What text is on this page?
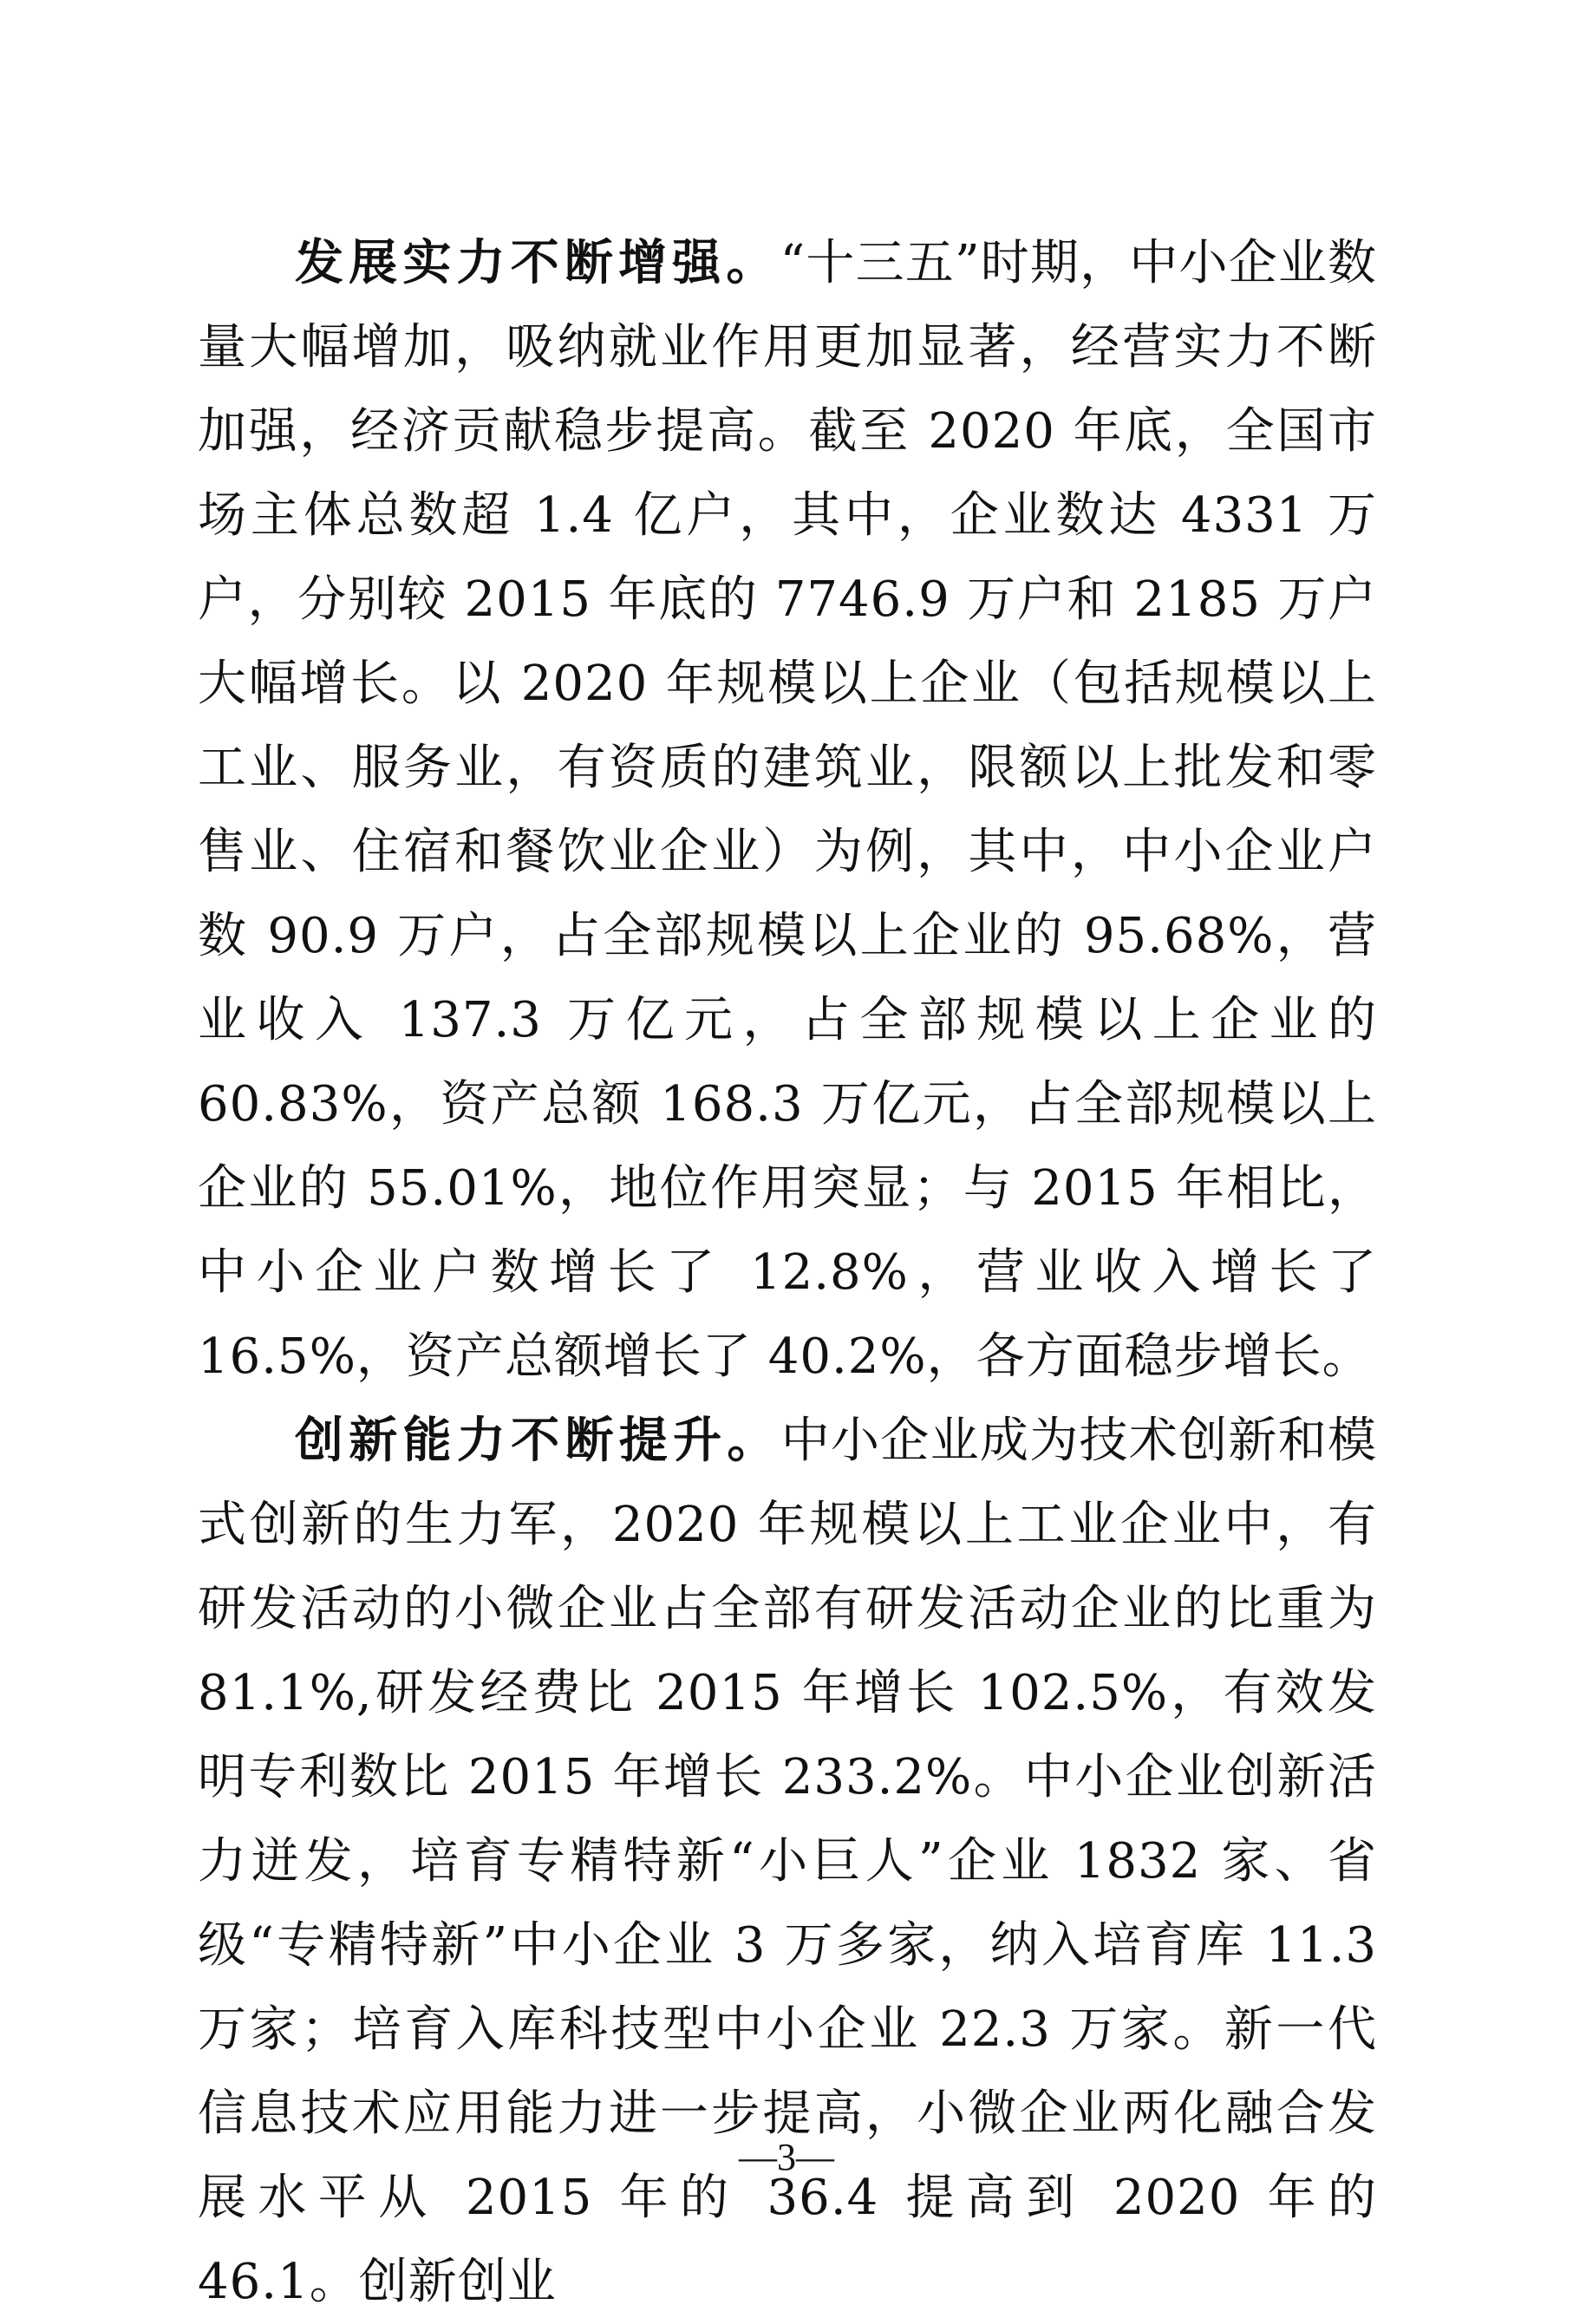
发展实力不断增强。“十三五”时期，中小企业数量大幅增加，吸纳就业作用更加显著，经营实力不断加强，经济贡献稳步提高。截至 2020 年底，全国市场主体总数超 1.4 亿户，其中，企业数达 4331 万户，分别较 2015 年底的 7746.9 万户和 2185 万户大幅增长。以 2020 年规模以上企业（包括规模以上工业、服务业，有资质的建筑业，限额以上批发和零售业、住宿和餐饮业企业）为例，其中，中小企业户数 90.9 万户，占全部规模以上企业的 95.68%，营业收入 137.3 万亿元，占全部规模以上企业的 60.83%，资产总额 168.3 万亿元，占全部规模以上企业的 55.01%，地位作用突显；与 2015 年相比，中小企业户数增长了 12.8%，营业收入增长了 16.5%，资产总额增长了 40.2%，各方面稳步增长。

创新能力不断提升。中小企业成为技术创新和模式创新的生力军，2020 年规模以上工业企业中，有研发活动的小微企业占全部有研发活动企业的比重为 81.1%,研发经费比 2015 年增长 102.5%，有效发明专利数比 2015 年增长 233.2%。中小企业创新活力迸发，培育专精特新“小巨人”企业 1832 家、省级“专精特新”中小企业 3 万多家，纳入培育库 11.3 万家；培育入库科技型中小企业 22.3 万家。新一代信息技术应用能力进一步提高，小微企业两化融合发展水平从 2015 年的 36.4 提高到 2020 年的 46.1。创新创业

—3—
